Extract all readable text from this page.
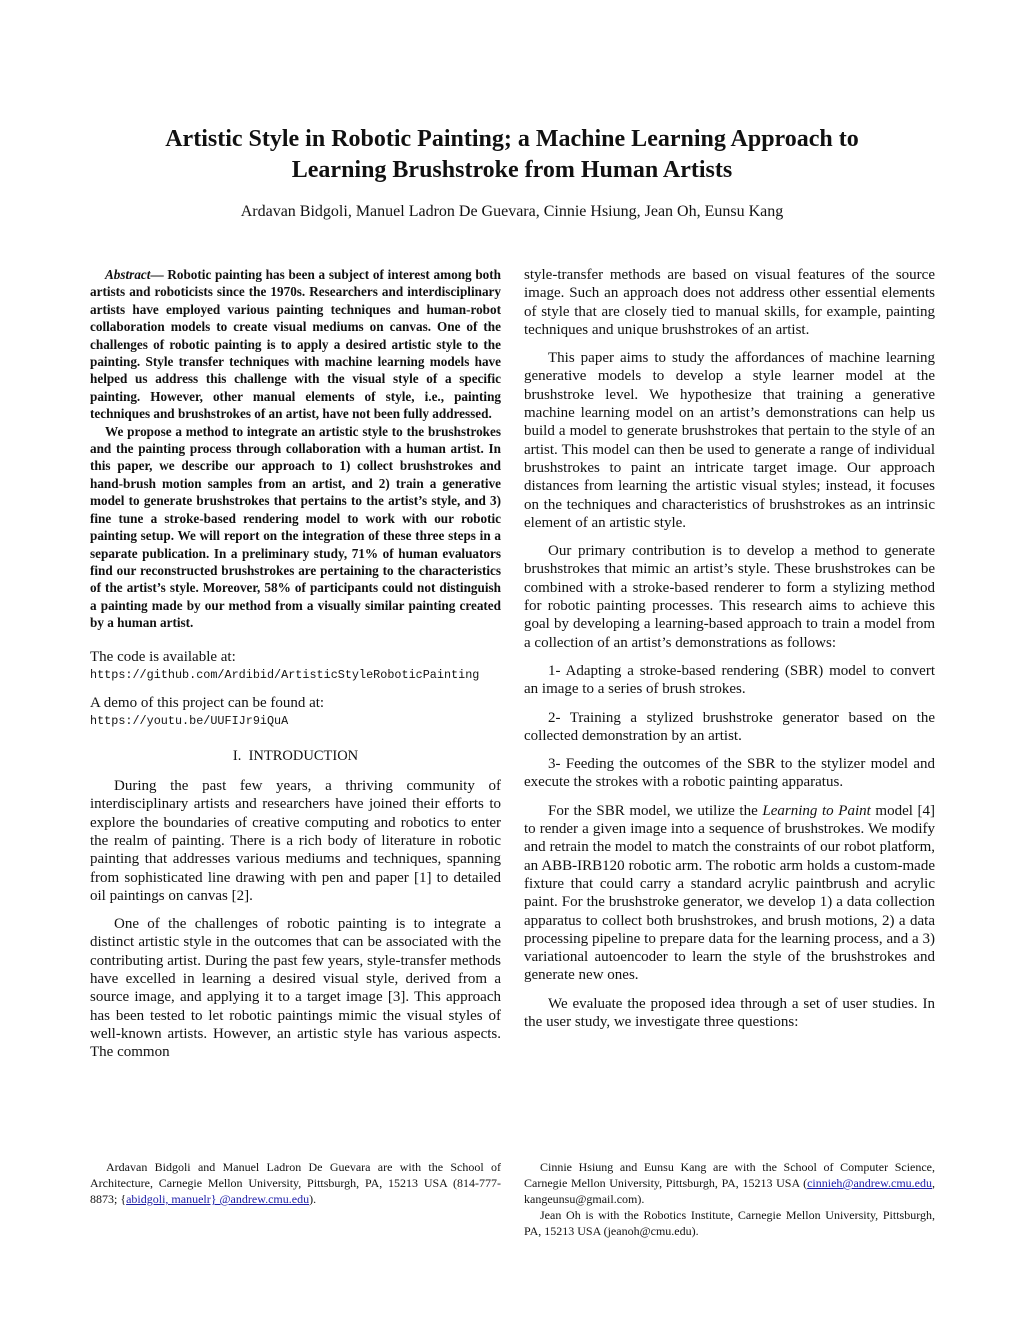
Artistic Style in Robotic Painting; a Machine Learning Approach to
Learning Brushstroke from Human Artists
Ardavan Bidgoli, Manuel Ladron De Guevara, Cinnie Hsiung, Jean Oh, Eunsu Kang

Abstract— Robotic painting has been a subject of interest among both artists and roboticists since the 1970s. Researchers and interdisciplinary artists have employed various painting techniques and human-robot collaboration models to create visual mediums on canvas. One of the challenges of robotic painting is to apply a desired artistic style to the painting. Style transfer techniques with machine learning models have helped us address this challenge with the visual style of a specific painting. However, other manual elements of style, i.e., painting techniques and brushstrokes of an artist, have not been fully addressed.

We propose a method to integrate an artistic style to the brushstrokes and the painting process through collaboration with a human artist. In this paper, we describe our approach to 1) collect brushstrokes and hand-brush motion samples from an artist, and 2) train a generative model to generate brushstrokes that pertains to the artist’s style, and 3) fine tune a stroke-based rendering model to work with our robotic painting setup. We will report on the integration of these three steps in a separate publication. In a preliminary study, 71% of human evaluators find our reconstructed brushstrokes are pertaining to the characteristics of the artist’s style. Moreover, 58% of participants could not distinguish a painting made by our method from a visually similar painting created by a human artist.

The code is available at:

https://github.com/Ardibid/ArtisticStyleRoboticPainting

A demo of this project can be found at:

https://youtu.be/UUFIJr9iQuA

I. INTRODUCTION

During the past few years, a thriving community of interdisciplinary artists and researchers have joined their efforts to explore the boundaries of creative computing and robotics to enter the realm of painting. There is a rich body of literature in robotic painting that addresses various mediums and techniques, spanning from sophisticated line drawing with pen and paper [1] to detailed oil paintings on canvas [2].

One of the challenges of robotic painting is to integrate a distinct artistic style in the outcomes that can be associated with the contributing artist. During the past few years, style-transfer methods have excelled in learning a desired visual style, derived from a source image, and applying it to a target image [3]. This approach has been tested to let robotic paintings mimic the visual styles of well-known artists. However, an artistic style has various aspects. The common

style-transfer methods are based on visual features of the source image. Such an approach does not address other essential elements of style that are closely tied to manual skills, for example, painting techniques and unique brushstrokes of an artist.

This paper aims to study the affordances of machine learning generative models to develop a style learner model at the brushstroke level. We hypothesize that training a generative machine learning model on an artist’s demonstrations can help us build a model to generate brushstrokes that pertain to the style of an artist. This model can then be used to generate a range of individual brushstrokes to paint an intricate target image. Our approach distances from learning the artistic visual styles; instead, it focuses on the techniques and characteristics of brushstrokes as an intrinsic element of an artistic style.

Our primary contribution is to develop a method to generate brushstrokes that mimic an artist’s style. These brushstrokes can be combined with a stroke-based renderer to form a stylizing method for robotic painting processes. This research aims to achieve this goal by developing a learning-based approach to train a model from a collection of an artist’s demonstrations as follows:

1- Adapting a stroke-based rendering (SBR) model to convert an image to a series of brush strokes.

2- Training a stylized brushstroke generator based on the collected demonstration by an artist.

3- Feeding the outcomes of the SBR to the stylizer model and execute the strokes with a robotic painting apparatus.

For the SBR model, we utilize the Learning to Paint model [4] to render a given image into a sequence of brushstrokes. We modify and retrain the model to match the constraints of our robot platform, an ABB-IRB120 robotic arm. The robotic arm holds a custom-made fixture that could carry a standard acrylic paintbrush and acrylic paint. For the brushstroke generator, we develop 1) a data collection apparatus to collect both brushstrokes, and brush motions, 2) a data processing pipeline to prepare data for the learning process, and a 3) variational autoencoder to learn the style of the brushstrokes and generate new ones.

We evaluate the proposed idea through a set of user studies. In the user study, we investigate three questions:

Ardavan Bidgoli and Manuel Ladron De Guevara are with the School of Architecture, Carnegie Mellon University, Pittsburgh, PA, 15213 USA (814-777-8873; {abidgoli, manuelr} @andrew.cmu.edu).

Cinnie Hsiung and Eunsu Kang are with the School of Computer Science, Carnegie Mellon University, Pittsburgh, PA, 15213 USA (cinnieh@andrew.cmu.edu, kangeunsu@gmail.com).

Jean Oh is with the Robotics Institute, Carnegie Mellon University, Pittsburgh, PA, 15213 USA (jeanoh@cmu.edu).
